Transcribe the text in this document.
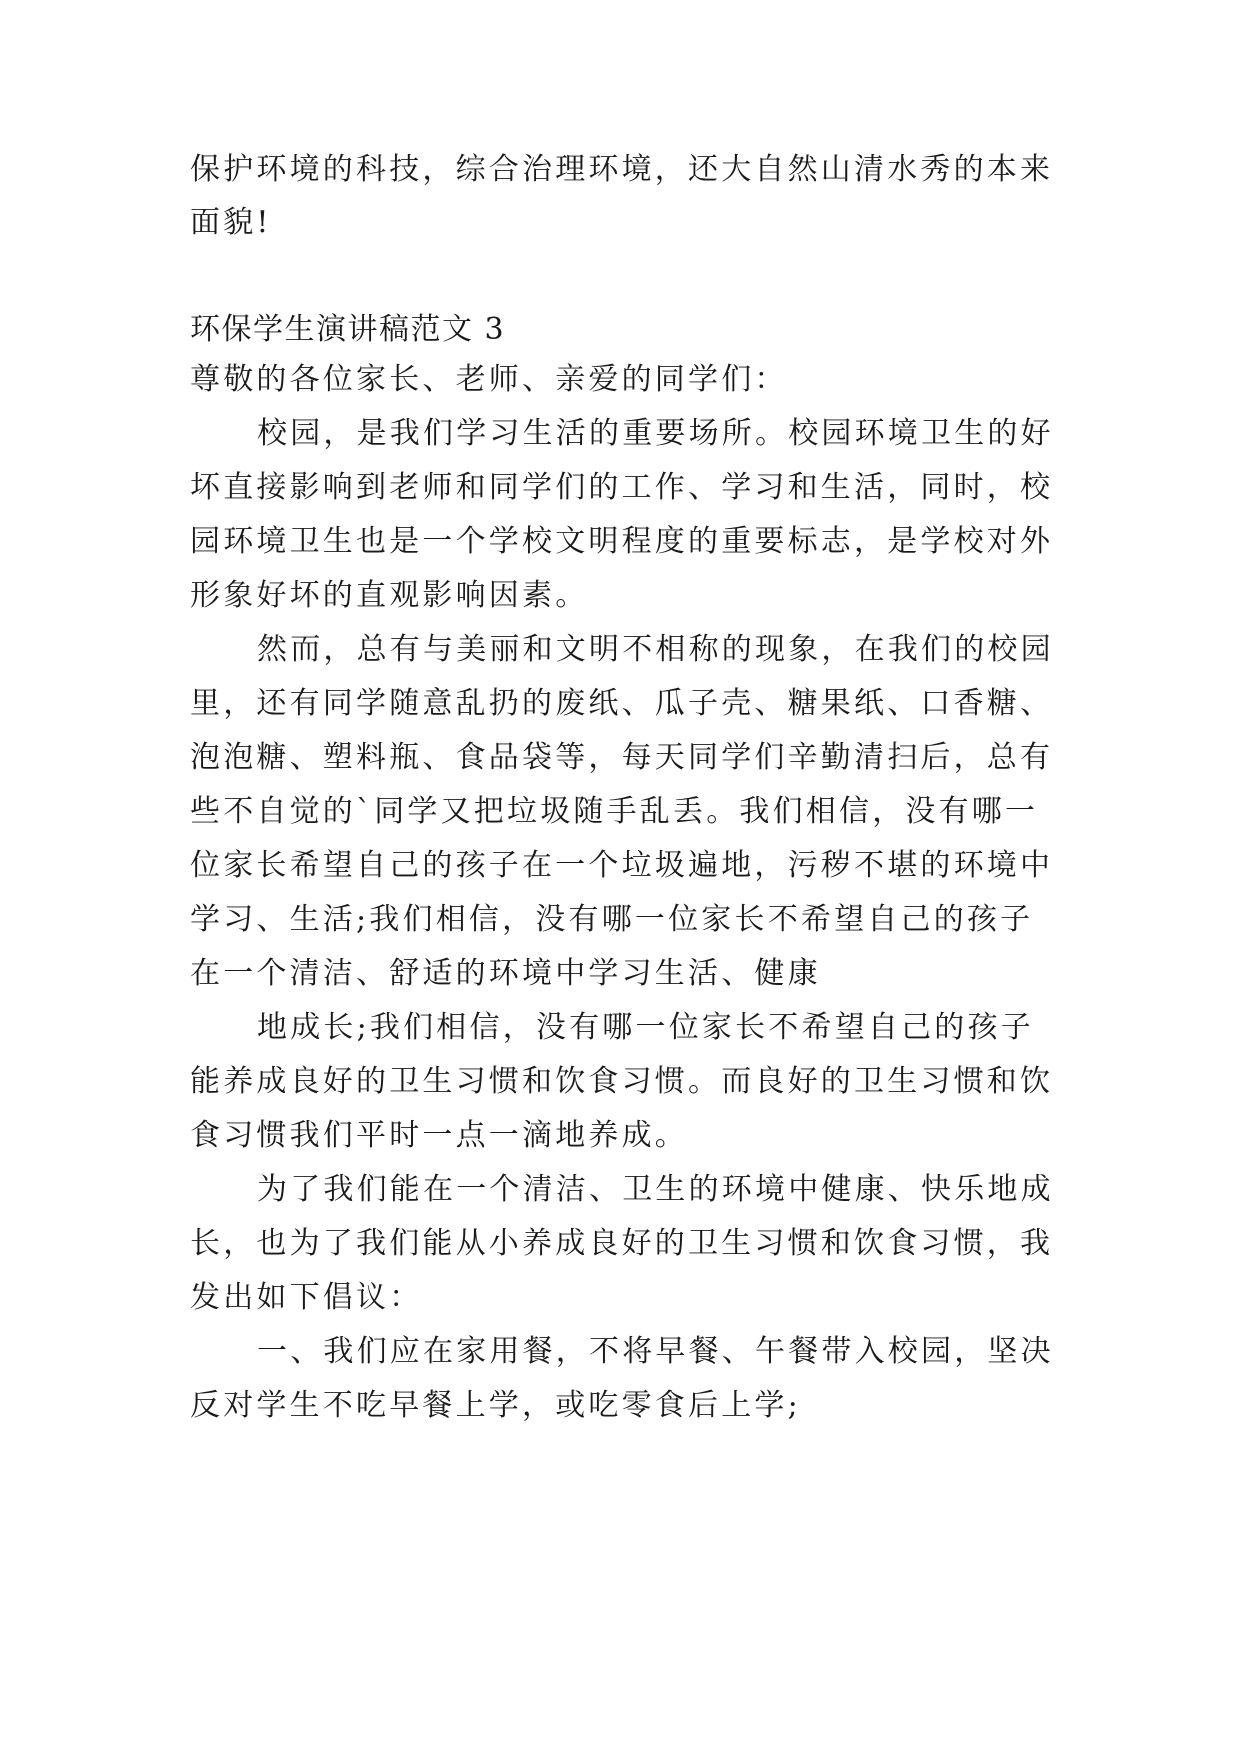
保护环境的科技，综合治理环境，还大自然山清水秀的本来
面貌!
环保学生演讲稿范文 3
尊敬的各位家长、老师、亲爱的同学们：
校园，是我们学习生活的重要场所。校园环境卫生的好
坏直接影响到老师和同学们的工作、学习和生活，同时，校
园环境卫生也是一个学校文明程度的重要标志，是学校对外
形象好坏的直观影响因素。
然而，总有与美丽和文明不相称的现象，在我们的校园
里，还有同学随意乱扔的废纸、瓜子壳、糖果纸、口香糖、
泡泡糖、塑料瓶、食品袋等，每天同学们辛勤清扫后，总有
些不自觉的`同学又把垃圾随手乱丢。我们相信，没有哪一
位家长希望自己的孩子在一个垃圾遍地，污秽不堪的环境中
学习、生活;我们相信，没有哪一位家长不希望自己的孩子
在一个清洁、舒适的环境中学习生活、健康
地成长;我们相信，没有哪一位家长不希望自己的孩子
能养成良好的卫生习惯和饮食习惯。而良好的卫生习惯和饮
食习惯我们平时一点一滴地养成。
为了我们能在一个清洁、卫生的环境中健康、快乐地成
长，也为了我们能从小养成良好的卫生习惯和饮食习惯，我
发出如下倡议：
一、我们应在家用餐，不将早餐、午餐带入校园，坚决
反对学生不吃早餐上学，或吃零食后上学;
